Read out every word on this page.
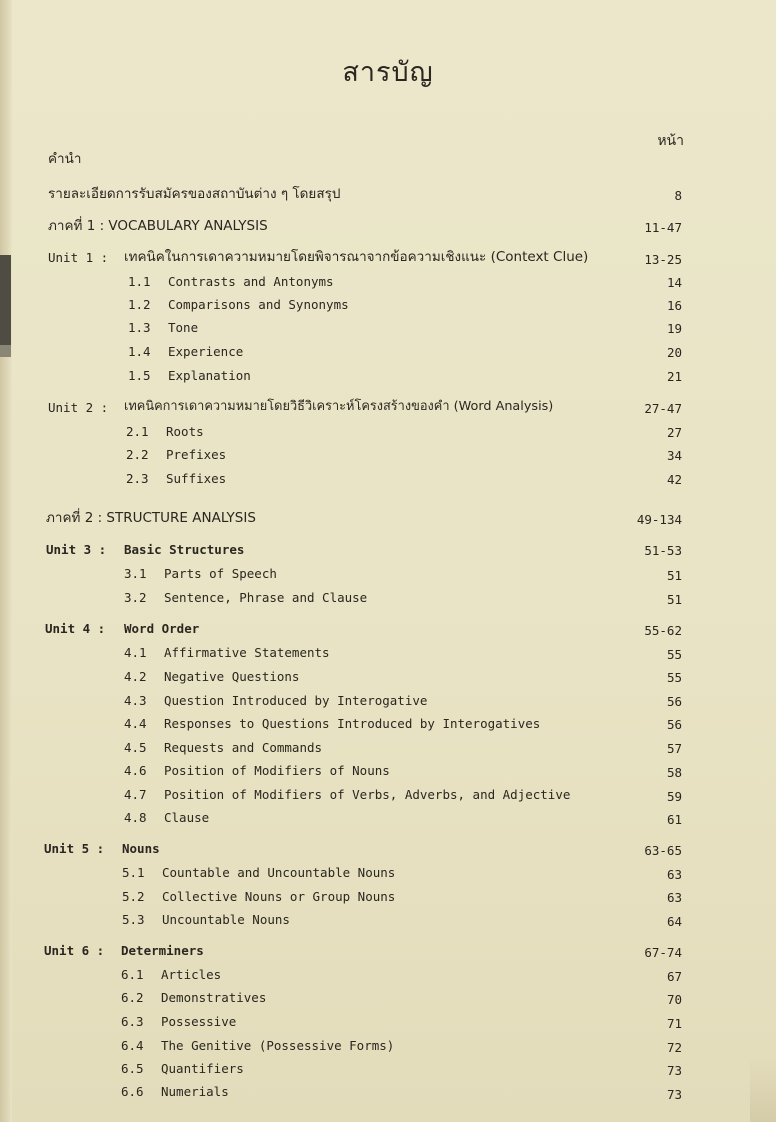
สารบัญ
หน้า
คำนำ
รายละเอียดการรับสมัครของสถาบันต่าง ๆ โดยสรุป	8
ภาคที่ 1 : VOCABULARY ANALYSIS	11-47
Unit 1 : เทคนิคในการเดาความหมายโดยพิจารณาจากข้อความเชิงแนะ (Context Clue)	13-25
1.1 Contrasts and Antonyms	14
1.2 Comparisons and Synonyms	16
1.3 Tone	19
1.4 Experience	20
1.5 Explanation	21
Unit 2 : เทคนิคการเดาความหมายโดยวิธีวิเคราะห์โครงสร้างของคำ (Word Analysis)	27-47
2.1 Roots	27
2.2 Prefixes	34
2.3 Suffixes	42
ภาคที่ 2 : STRUCTURE ANALYSIS	49-134
Unit 3 : Basic Structures	51-53
3.1 Parts of Speech	51
3.2 Sentence, Phrase and Clause	51
Unit 4 : Word Order	55-62
4.1 Affirmative Statements	55
4.2 Negative Questions	55
4.3 Question Introduced by Interogative	56
4.4 Responses to Questions Introduced by Interogatives	56
4.5 Requests and Commands	57
4.6 Position of Modifiers of Nouns	58
4.7 Position of Modifiers of Verbs, Adverbs, and Adjective	59
4.8 Clause	61
Unit 5 : Nouns	63-65
5.1 Countable and Uncountable Nouns	63
5.2 Collective Nouns or Group Nouns	63
5.3 Uncountable Nouns	64
Unit 6 : Determiners	67-74
6.1 Articles	67
6.2 Demonstratives	70
6.3 Possessive	71
6.4 The Genitive (Possessive Forms)	72
6.5 Quantifiers	73
6.6 Numerials	73
